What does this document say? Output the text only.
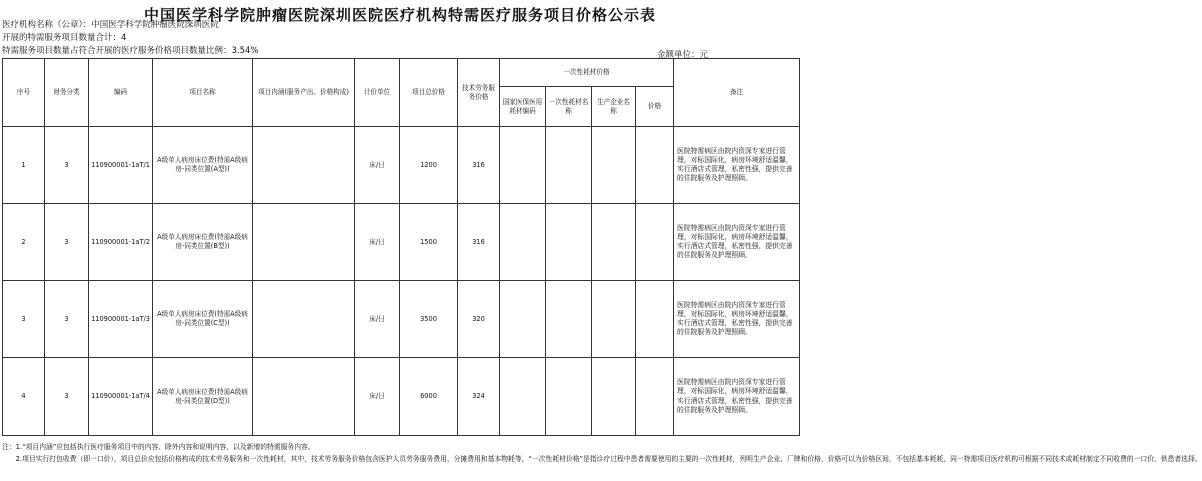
中国医学科学院肿瘤医院深圳医院医疗机构特需医疗服务项目价格公示表
医疗机构名称（公章）：中国医学科学院肿瘤医院深圳医院
开展的特需服务项目数量合计：4
特需服务项目数量占符合开展的医疗服务价格项目数量比例：3.54%	金额单位：元
序号	财务分类	编码	项目名称	项目内涵(服务产出、价格构成)	计价单位	项目总价格	技术劳务服务价格	一次性耗材价格				备注
								国家医保医用耗材编码	一次性耗材名称	生产企业名称	价格	
1	3	110900001-1aT/1	A级单人病房床位费(特需A级病房-同类位置(A型))		床/日	1200	316					医院特需病区由院内资深专家进行管理，对标国际化，病房环境舒适温馨，实行酒店式管理，私密性强，提供完善的住院服务及护理照顾。
2	3	110900001-1aT/2	A级单人病房床位费(特需A级病房-同类位置(B型))		床/日	1500	316					医院特需病区由院内资深专家进行管理，对标国际化，病房环境舒适温馨，实行酒店式管理，私密性强，提供完善的住院服务及护理照顾。
3	3	110900001-1aT/3	A级单人病房床位费(特需A级病房-同类位置(C型))		床/日	3500	320					医院特需病区由院内资深专家进行管理，对标国际化，病房环境舒适温馨，实行酒店式管理，私密性强，提供完善的住院服务及护理照顾。
4	3	110900001-1aT/4	A级单人病房床位费(特需A级病房-同类位置(D型))		床/日	6000	324					医院特需病区由院内资深专家进行管理，对标国际化，病房环境舒适温馨，实行酒店式管理，私密性强，提供完善的住院服务及护理照顾。
注：1.“项目内涵”应包括执行医疗服务项目中的内容、除外内容和说明内容，以及新增的特需服务内容。
　　2.项目实行打包收费（即一口价），项目总价应包括价格构成的技术劳务服务和一次性耗材，其中，技术劳务服务价格包含医护人员劳务服务费用、分摊费用和基本物耗等，“一次性耗材价格”是指诊疗过程中患者需要使用的主要的一次性耗材，列明生产企业、厂牌和价格，价格可以为价格区间，不包括基本耗耗，同一特需项目医疗机构可根据不同技术或耗材制定不同收费的一口价，供患者选择。
